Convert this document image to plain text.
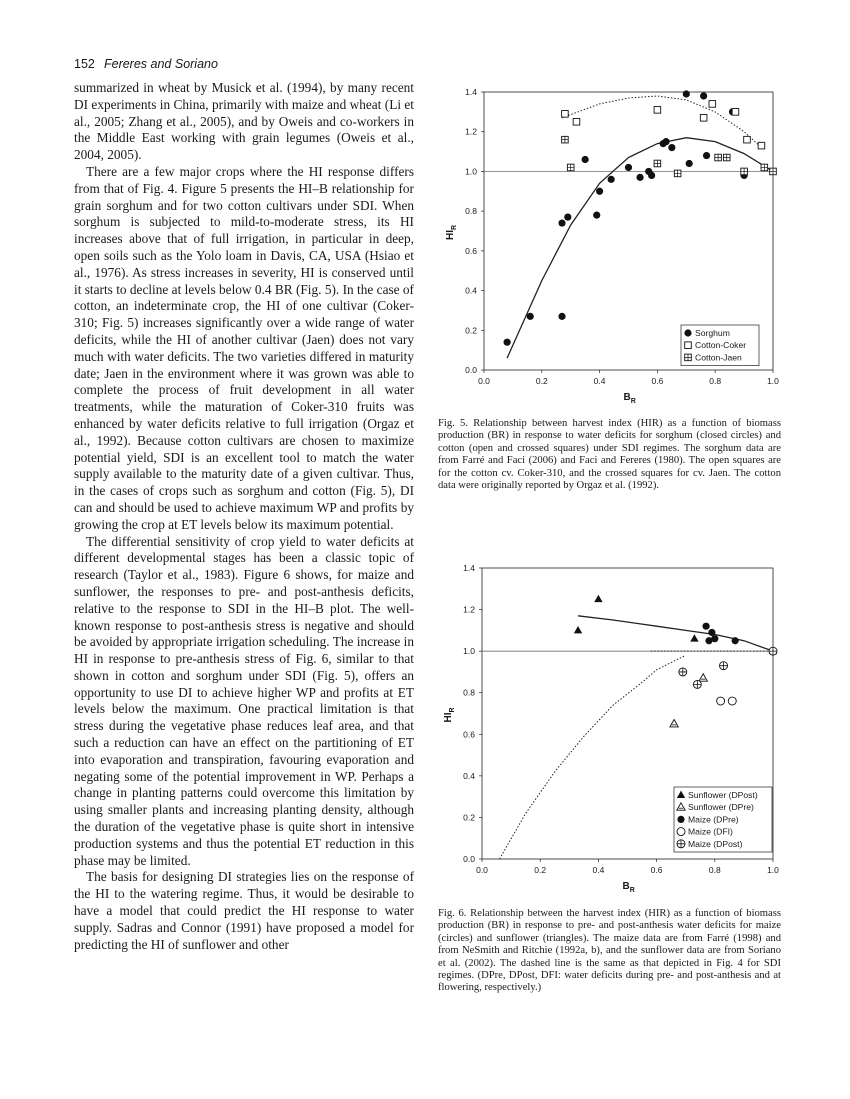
152 Fereres and Soriano

summarized in wheat by Musick et al. (1994), by many recent DI experiments in China, primarily with maize and wheat (Li et al., 2005; Zhang et al., 2005), and by Oweis and co-workers in the Middle East working with grain legumes (Oweis et al., 2004, 2005).

There are a few major crops where the HI response differs from that of Fig. 4. Figure 5 presents the HI–B relationship for grain sorghum and for two cotton cultivars under SDI. When sorghum is subjected to mild-to-moderate stress, its HI increases above that of full irrigation, in particular in deep, open soils such as the Yolo loam in Davis, CA, USA (Hsiao et al., 1976). As stress increases in severity, HI is conserved until it starts to decline at levels below 0.4 BR (Fig. 5). In the case of cotton, an indeterminate crop, the HI of one cultivar (Coker-310; Fig. 5) increases significantly over a wide range of water deficits, while the HI of another cultivar (Jaen) does not vary much with water deficits. The two varieties differed in maturity date; Jaen in the environment where it was grown was able to complete the process of fruit development in all water treatments, while the maturation of Coker-310 fruits was enhanced by water deficits relative to full irrigation (Orgaz et al., 1992). Because cotton cultivars are chosen to maximize potential yield, SDI is an excellent tool to match the water supply available to the maturity date of a given cultivar. Thus, in the cases of crops such as sorghum and cotton (Fig. 5), DI can and should be used to achieve maximum WP and profits by growing the crop at ET levels below its maximum potential.

The differential sensitivity of crop yield to water deficits at different developmental stages has been a classic topic of research (Taylor et al., 1983). Figure 6 shows, for maize and sunflower, the responses to pre- and post-anthesis deficits, relative to the response to SDI in the HI–B plot. The well-known response to post-anthesis stress is negative and should be avoided by appropriate irrigation scheduling. The increase in HI in response to pre-anthesis stress of Fig. 6, similar to that shown in cotton and sorghum under SDI (Fig. 5), offers an opportunity to use DI to achieve higher WP and profits at ET levels below the maximum. One practical limitation is that stress during the vegetative phase reduces leaf area, and that such a reduction can have an effect on the partitioning of ET into evaporation and transpiration, favouring evaporation and negating some of the potential improvement in WP. Perhaps a change in planting patterns could overcome this limitation by using smaller plants and increasing planting density, although the duration of the vegetative phase is quite short in intensive production systems and thus the potential ET reduction in this phase may be limited.

The basis for designing DI strategies lies on the response of the HI to the watering regime. Thus, it would be desirable to have a model that could predict the HI response to water supply. Sadras and Connor (1991) have proposed a model for predicting the HI of sunflower and other

0.0	0.2	0.4	0.6	0.8	1.0
0.0
0.2
0.4
0.6
0.8
1.0
1.2
1.4
$B_R$
$HI_R$
Sorghum
Cotton-Coker
Cotton-Jaen
Fig. 5. Relationship between harvest index (HIR) as a function of biomass production (BR) in response to water deficits for sorghum (closed circles) and cotton (open and crossed squares) under SDI regimes. The sorghum data are from Farré and Faci (2006) and Faci and Fereres (1980). The open squares are for the cotton cv. Coker-310, and the crossed squares for cv. Jaen. The cotton data were originally reported by Orgaz et al. (1992).
0.0	0.2	0.4	0.6	0.8	1.0
0.0
0.2
0.4
0.6
0.8
1.0
1.2
1.4
$B_R$
$HI_R$
Sunflower (DPost)
Sunflower (DPre)
Maize (DPre)
Maize (DFI)
Maize (DPost)
Fig. 6. Relationship between the harvest index (HIR) as a function of biomass production (BR) in response to pre- and post-anthesis water deficits for maize (circles) and sunflower (triangles). The maize data are from Farré (1998) and from NeSmith and Ritchie (1992a, b), and the sunflower data are from Soriano et al. (2002). The dashed line is the same as that depicted in Fig. 4 for SDI regimes. (DPre, DPost, DFI: water deficits during pre- and post-anthesis and at flowering, respectively.)
